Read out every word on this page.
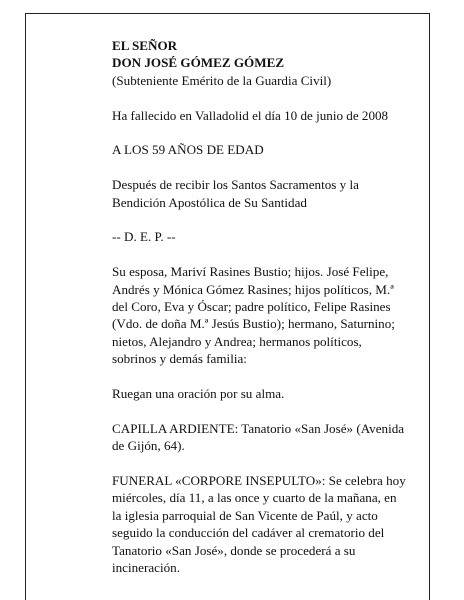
EL SEÑOR
DON JOSÉ GÓMEZ GÓMEZ
(Subteniente Emérito de la Guardia Civil)
Ha fallecido en Valladolid el día 10 de junio de 2008
A LOS 59 AÑOS DE EDAD
Después de recibir los Santos Sacramentos y la
Bendición Apostólica de Su Santidad
-- D. E. P. --
Su esposa, Mariví Rasines Bustio; hijos. José Felipe,
Andrés y Mónica Gómez Rasines; hijos políticos, M.ª
del Coro, Eva y Óscar; padre político, Felipe Rasines
(Vdo. de doña M.ª Jesús Bustio); hermano, Saturnino;
nietos, Alejandro y Andrea; hermanos políticos,
sobrinos y demás familia:
Ruegan una oración por su alma.
CAPILLA ARDIENTE: Tanatorio «San José» (Avenida
de Gijón, 64).
FUNERAL «CORPORE INSEPULTO»: Se celebra hoy
miércoles, día 11, a las once y cuarto de la mañana, en
la iglesia parroquial de San Vicente de Paúl, y acto
seguido la conducción del cadáver al crematorio del
Tanatorio «San José», donde se procederá a su
incineración.
